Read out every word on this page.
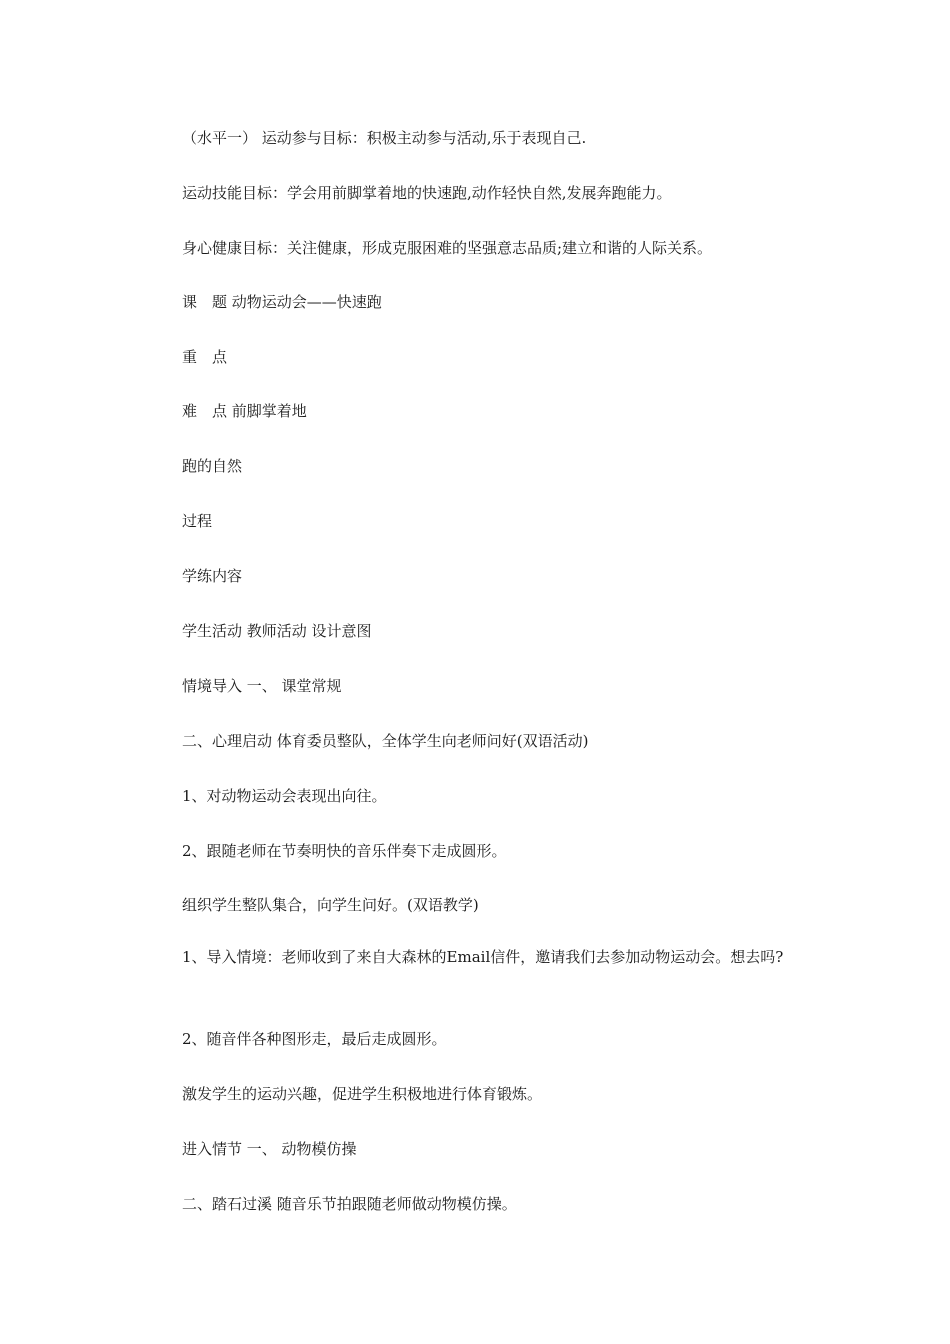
（水平一） 运动参与目标：积极主动参与活动,乐于表现自己.
运动技能目标：学会用前脚掌着地的快速跑,动作轻快自然,发展奔跑能力。
身心健康目标：关注健康，形成克服困难的坚强意志品质;建立和谐的人际关系。
课　题 动物运动会——快速跑
重　点
难　点 前脚掌着地
跑的自然
过程
学练内容
学生活动 教师活动 设计意图
情境导入 一、 课堂常规
二、心理启动 体育委员整队，全体学生向老师问好(双语活动)
1、对动物运动会表现出向往。
2、跟随老师在节奏明快的音乐伴奏下走成圆形。
组织学生整队集合，向学生问好。(双语教学)
1、导入情境：老师收到了来自大森林的Email信件，邀请我们去参加动物运动会。想去吗?
2、随音伴各种图形走，最后走成圆形。
激发学生的运动兴趣，促进学生积极地进行体育锻炼。
进入情节 一、 动物模仿操
二、踏石过溪 随音乐节拍跟随老师做动物模仿操。
